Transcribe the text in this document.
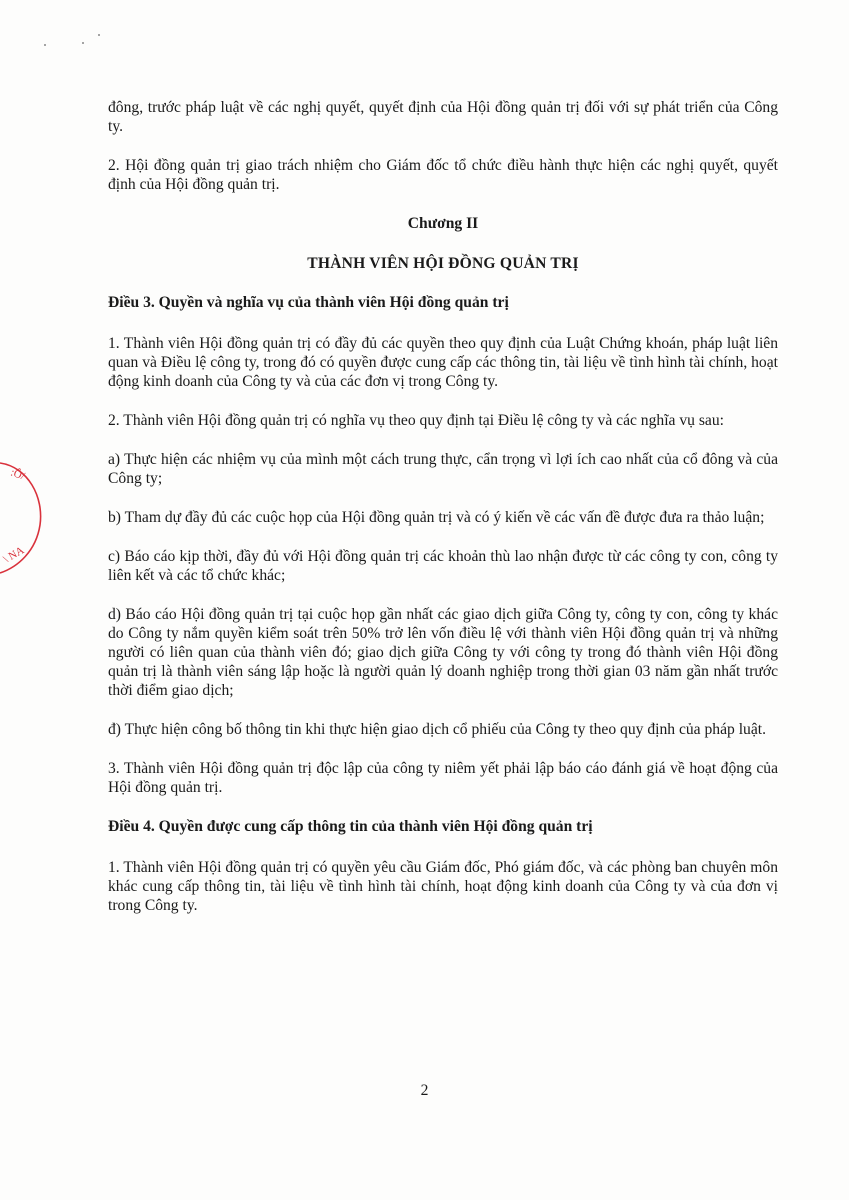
:Ô/
\ NA

đông, trước pháp luật về các nghị quyết, quyết định của Hội đồng quản trị đối với sự phát triển của Công ty.

2. Hội đồng quản trị giao trách nhiệm cho Giám đốc tổ chức điều hành thực hiện các nghị quyết, quyết định của Hội đồng quản trị.

Chương II
THÀNH VIÊN HỘI ĐỒNG QUẢN TRỊ
Điều 3. Quyền và nghĩa vụ của thành viên Hội đồng quản trị

1. Thành viên Hội đồng quản trị có đầy đủ các quyền theo quy định của Luật Chứng khoán, pháp luật liên quan và Điều lệ công ty, trong đó có quyền được cung cấp các thông tin, tài liệu về tình hình tài chính, hoạt động kinh doanh của Công ty và của các đơn vị trong Công ty.

2. Thành viên Hội đồng quản trị có nghĩa vụ theo quy định tại Điều lệ công ty và các nghĩa vụ sau:

a) Thực hiện các nhiệm vụ của mình một cách trung thực, cẩn trọng vì lợi ích cao nhất của cổ đông và của Công ty;

b) Tham dự đầy đủ các cuộc họp của Hội đồng quản trị và có ý kiến về các vấn đề được đưa ra thảo luận;

c) Báo cáo kịp thời, đầy đủ với Hội đồng quản trị các khoản thù lao nhận được từ các công ty con, công ty liên kết và các tổ chức khác;

d) Báo cáo Hội đồng quản trị tại cuộc họp gần nhất các giao dịch giữa Công ty, công ty con, công ty khác do Công ty nắm quyền kiểm soát trên 50% trở lên vốn điều lệ với thành viên Hội đồng quản trị và những người có liên quan của thành viên đó; giao dịch giữa Công ty với công ty trong đó thành viên Hội đồng quản trị là thành viên sáng lập hoặc là người quản lý doanh nghiệp trong thời gian 03 năm gần nhất trước thời điểm giao dịch;

đ) Thực hiện công bố thông tin khi thực hiện giao dịch cổ phiếu của Công ty theo quy định của pháp luật.

3. Thành viên Hội đồng quản trị độc lập của công ty niêm yết phải lập báo cáo đánh giá về hoạt động của Hội đồng quản trị.

Điều 4. Quyền được cung cấp thông tin của thành viên Hội đồng quản trị

1. Thành viên Hội đồng quản trị có quyền yêu cầu Giám đốc, Phó giám đốc, và các phòng ban chuyên môn khác cung cấp thông tin, tài liệu về tình hình tài chính, hoạt động kinh doanh của Công ty và của đơn vị trong Công ty.

2
